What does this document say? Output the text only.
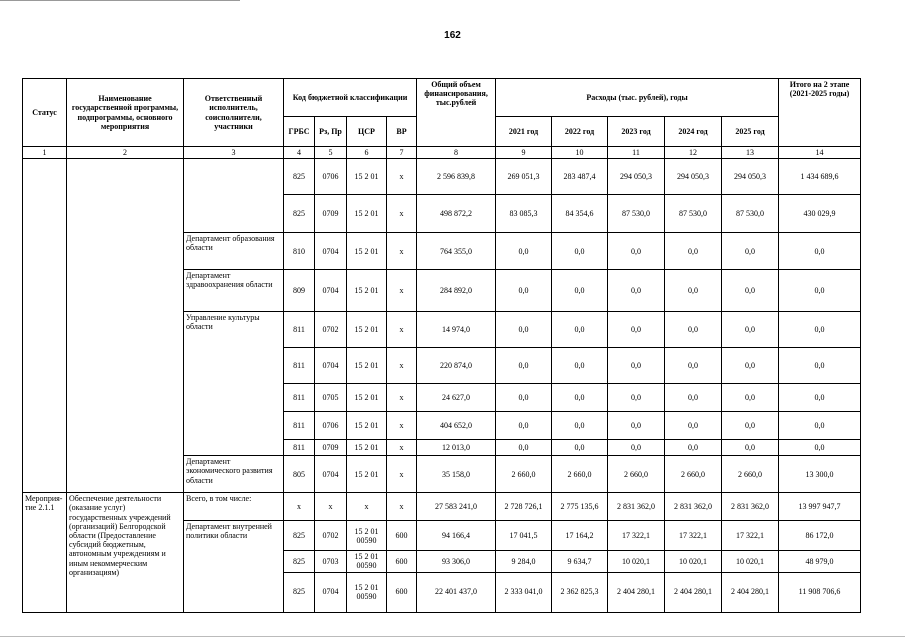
162
Статус	Наименование государственной программы, подпрограммы, основного мероприятия	Ответственный исполнитель, соисполнители, участники	Код бюджетной классификации				Общий объем финансирования, тыс.рублей	Расходы (тыс. рублей), годы					Итого на 2 этапе (2021-2025 годы)
			ГРБС	Рз, Пр	ЦСР	ВР		2021 год	2022 год	2023 год	2024 год	2025 год	
1	2	3	4	5	6	7	8	9	10	11	12	13	14
			825	0706	15 2 01	х	2 596 839,8	269 051,3	283 487,4	294 050,3	294 050,3	294 050,3	1 434 689,6
			825	0709	15 2 01	х	498 872,2	83 085,3	84 354,6	87 530,0	87 530,0	87 530,0	430 029,9
		Департамент образования области	810	0704	15 2 01	х	764 355,0	0,0	0,0	0,0	0,0	0,0	0,0
		Департамент здравоохранения области	809	0704	15 2 01	х	284 892,0	0,0	0,0	0,0	0,0	0,0	0,0
		Управление культуры области	811	0702	15 2 01	х	14 974,0	0,0	0,0	0,0	0,0	0,0	0,0
			811	0704	15 2 01	х	220 874,0	0,0	0,0	0,0	0,0	0,0	0,0
			811	0705	15 2 01	х	24 627,0	0,0	0,0	0,0	0,0	0,0	0,0
			811	0706	15 2 01	х	404 652,0	0,0	0,0	0,0	0,0	0,0	0,0
			811	0709	15 2 01	х	12 013,0	0,0	0,0	0,0	0,0	0,0	0,0
		Департамент экономического развития области	805	0704	15 2 01	х	35 158,0	2 660,0	2 660,0	2 660,0	2 660,0	2 660,0	13 300,0
Мероприя-тие 2.1.1	Обеспечение деятельности (оказание услуг) государственных учреждений (организаций) Белгородской области (Предоставление субсидий бюджетным, автономным учреждениям и иным некоммерческим организациям)	Всего, в том числе:	х	х	х	х	27 583 241,0	2 728 726,1	2 775 135,6	2 831 362,0	2 831 362,0	2 831 362,0	13 997 947,7
		Департамент внутренней политики области	825	0702	15 2 01 00590	600	94 166,4	17 041,5	17 164,2	17 322,1	17 322,1	17 322,1	86 172,0
			825	0703	15 2 01 00590	600	93 306,0	9 284,0	9 634,7	10 020,1	10 020,1	10 020,1	48 979,0
			825	0704	15 2 01 00590	600	22 401 437,0	2 333 041,0	2 362 825,3	2 404 280,1	2 404 280,1	2 404 280,1	11 908 706,6
